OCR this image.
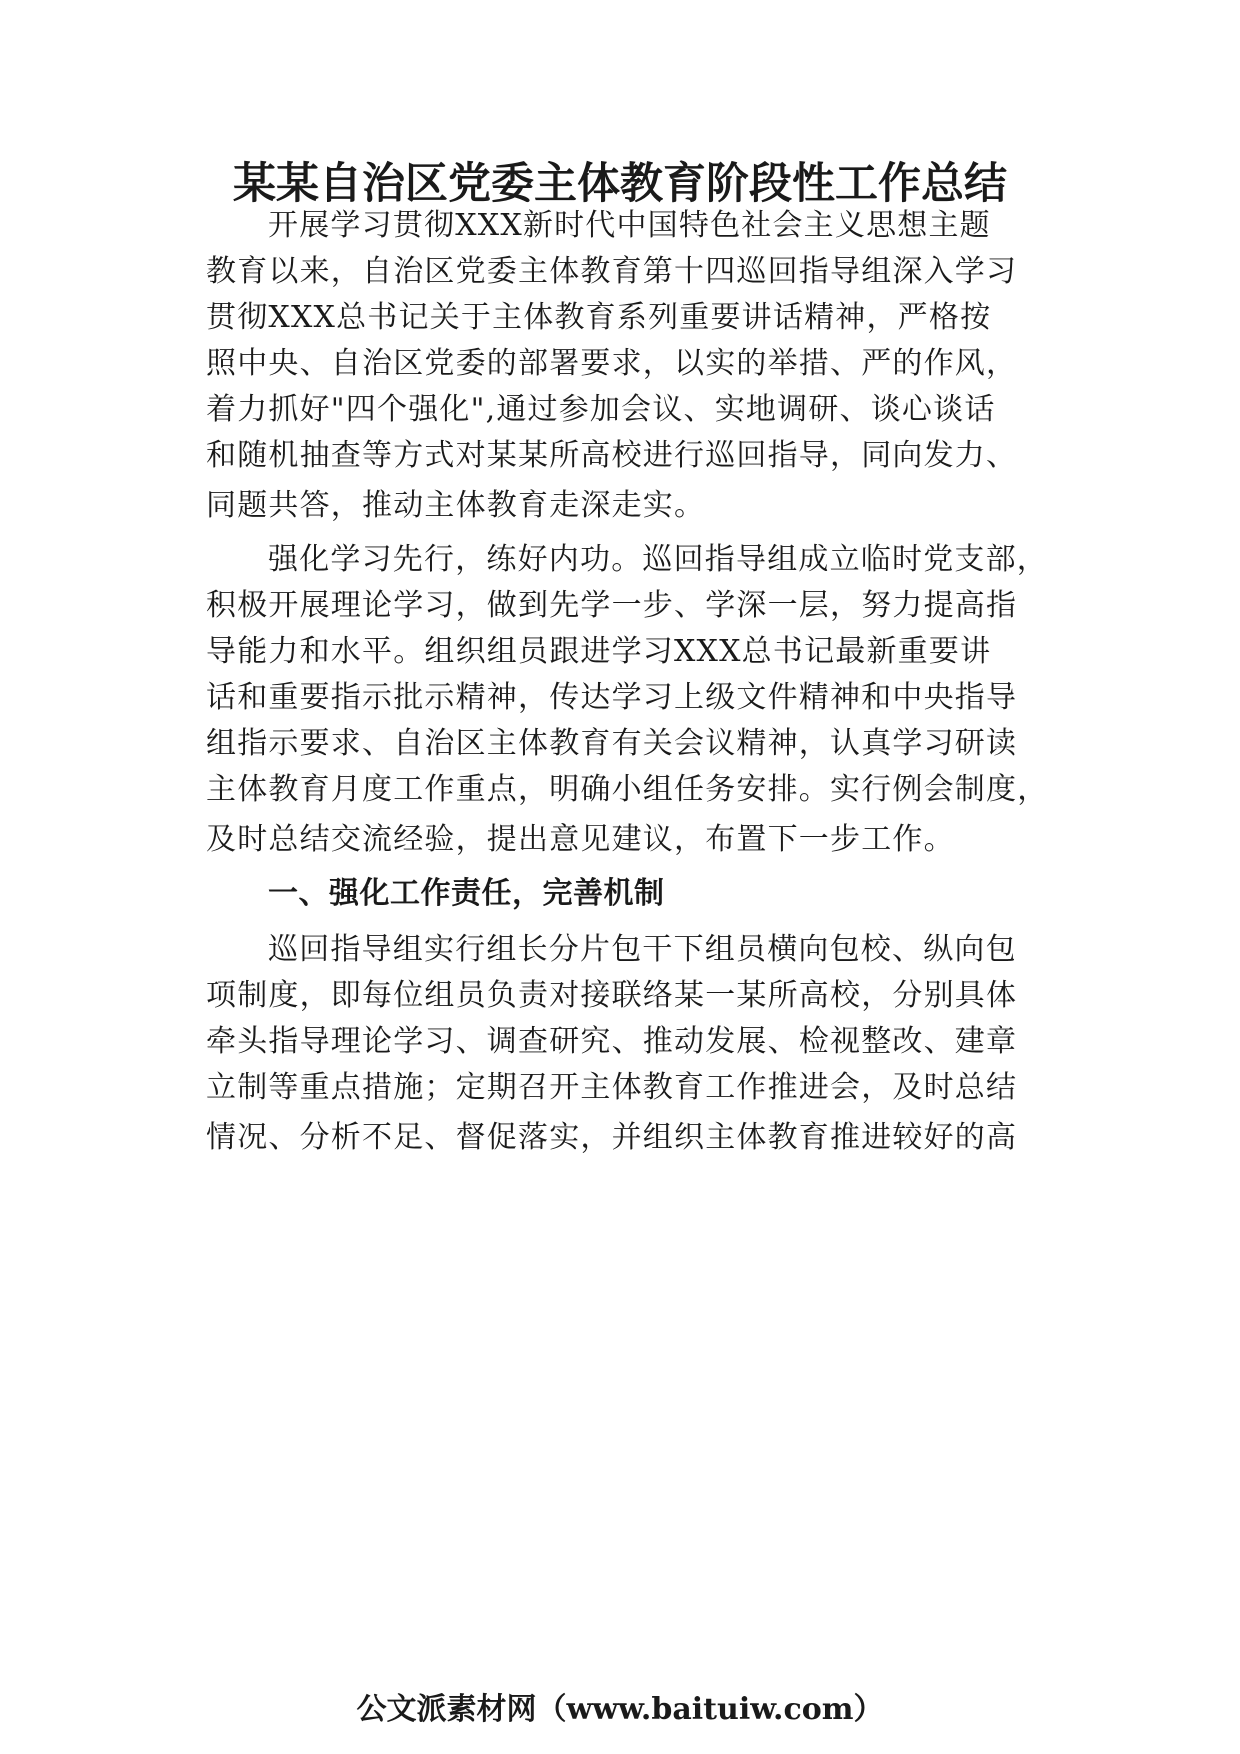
某某自治区党委主体教育阶段性工作总结
开展学习贯彻XXX新时代中国特色社会主义思想主题
教育以来，自治区党委主体教育第十四巡回指导组深入学习
贯彻XXX总书记关于主体教育系列重要讲话精神，严格按
照中央、自治区党委的部署要求，以实的举措、严的作风，
着力抓好"四个强化",通过参加会议、实地调研、谈心谈话
和随机抽查等方式对某某所高校进行巡回指导，同向发力、
同题共答，推动主体教育走深走实。
强化学习先行，练好内功。巡回指导组成立临时党支部，
积极开展理论学习，做到先学一步、学深一层，努力提高指
导能力和水平。组织组员跟进学习XXX总书记最新重要讲
话和重要指示批示精神，传达学习上级文件精神和中央指导
组指示要求、自治区主体教育有关会议精神，认真学习研读
主体教育月度工作重点，明确小组任务安排。实行例会制度，
及时总结交流经验，提出意见建议，布置下一步工作。
一、强化工作责任，完善机制
巡回指导组实行组长分片包干下组员横向包校、纵向包
项制度，即每位组员负责对接联络某一某所高校，分别具体
牵头指导理论学习、调查研究、推动发展、检视整改、建章
立制等重点措施；定期召开主体教育工作推进会，及时总结
情况、分析不足、督促落实，并组织主体教育推进较好的高
公文派素材网（www.baituiw.com）
